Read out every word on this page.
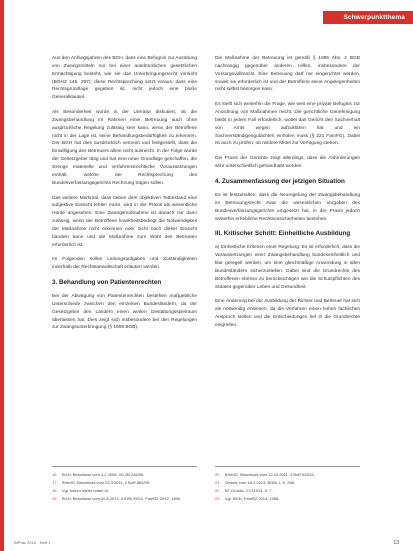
Schwerpunktthema

Aus den Anfangsjahren des BGH, dass eine Befugnis zur Ausübung von Zwangsmitteln nur bei einer ausdrücklichen gesetzlichen Ermächtigung besteht, wie sie das Unterbringungsrecht vorsieht (BGHZ 145, 297); diese Rechtsprechung setzt voraus, dass eine Rechtsgrundlage gegeben ist, nicht jedoch eine bloße Generalklausel.

Als Besonderheit wurde in der Literatur diskutiert, ob die Zwangsbehandlung im Rahmen einer Betreuung auch ohne ausdrückliche Regelung zulässig sein kann, wenn der Betroffene nicht in der Lage ist, seine Behandlungsbedürftigkeit zu erkennen. Der BGH hat dies ausdrücklich verneint und festgestellt, dass die Einwilligung des Betreuers allein nicht ausreicht. In der Folge wurde der Gesetzgeber tätig und hat eine neue Grundlage geschaffen, die strenge materielle und verfahrensrechtliche Voraussetzungen enthält, welche der Rechtsprechung des Bundesverfassungsgerichts Rechnung tragen sollen.

Das weitere Merkmal, dass neben dem objektiven Tatbestand eine subjektive Einsicht fehlen muss, wird in der Praxis als wesentliche Hürde angesehen. Eine Zwangsmaßnahme ist danach nur dann zulässig, wenn der Betroffene krankheitsbedingt die Notwendigkeit der Maßnahme nicht erkennen oder nicht nach dieser Einsicht handeln kann und die Maßnahme zum Wohl des Betreuten erforderlich ist.

Im Folgenden sollen Leitungsaufgaben und Zuständigkeiten innerhalb der Rechtsanwaltschaft erläutert werden.

3. Behandlung von Patientenrechten

Bei der Abwägung von Patientenrechten bestehen maßgebliche Unterschiede zwischen den einzelnen Bundesländern, da der Gesetzgeber den Ländern einen weiten Gestaltungsspielraum überlassen hat. Dies zeigt sich insbesondere bei den Regelungen zur Zwangsunterbringung (§ 1906 BGB).

Die Maßnahme der Betreuung ist gemäß § 1896 Abs. 2 BGB nachrangig gegenüber anderen Hilfen, insbesondere der Vorsorgevollmacht. Eine Betreuung darf nur eingerichtet werden, soweit sie erforderlich ist und der Betroffene seine Angelegenheiten nicht selbst besorgen kann.

Es stellt sich weiterhin die Frage, wie weit eine private Befugnis zur Anordnung von Maßnahmen reicht. Die gerichtliche Genehmigung bleibt in jedem Fall erforderlich, wobei das Gericht den Sachverhalt von Amts wegen aufzuklären hat und ein Sachverständigengutachten einholen muss (§ 321 FamFG). Dabei ist auch zu prüfen, ob mildere Mittel zur Verfügung stehen.

Die Praxis der Gerichte zeigt allerdings, dass die Anforderungen sehr unterschiedlich gehandhabt werden.

4. Zusammenfassung der jetzigen Situation

Es ist festzuhalten, dass die Neuregelung der Zwangsbehandlung im Betreuungsrecht zwar die wesentlichen Vorgaben des Bundesverfassungsgerichts umgesetzt hat, in der Praxis jedoch weiterhin erhebliche Rechtsunsicherheiten bestehen.

III. Kritischer Schritt: Einheitliche Ausbildung

a) Einheitliche Kriterien einer Regelung: Es ist erforderlich, dass die Voraussetzungen einer Zwangsbehandlung bundeseinheitlich und klar geregelt werden, um eine gleichmäßige Anwendung in allen Bundesländern sicherzustellen. Dabei sind die Grundrechte des Betroffenen ebenso zu berücksichtigen wie die Schutzpflichten des Staates gegenüber Leben und Gesundheit.

Eine Änderung bei der Ausbildung der Richter und Betreuer hat sich als notwendig erwiesen, da die Verfahren einen hohen fachlichen Anspruch stellen und die Entscheidungen tief in die Grundrechte eingreifen.

16 BGH, Beschluss vom 1.2.2006, XII ZB 236/05.
17 BVerfG, Beschluss vom 23.3.2011, 2 BvR 882/09.
18 Vgl. hierzu näher unten III.
19 BGH, Beschluss vom 20.6.2012, XII ZB 99/12, FamRZ 2012, 1366.
20 BVerfG, Beschluss vom 12.10.2011, 2 BvR 633/11.
21 Gesetz vom 18.2.2013, BGBl. I, S. 266.
22 BT-Drucks. 17/11513, S. 7.
23 Vgl. BGH, FamRZ 2014, 1358.
BtPrax 2014 · Heft 1	13
